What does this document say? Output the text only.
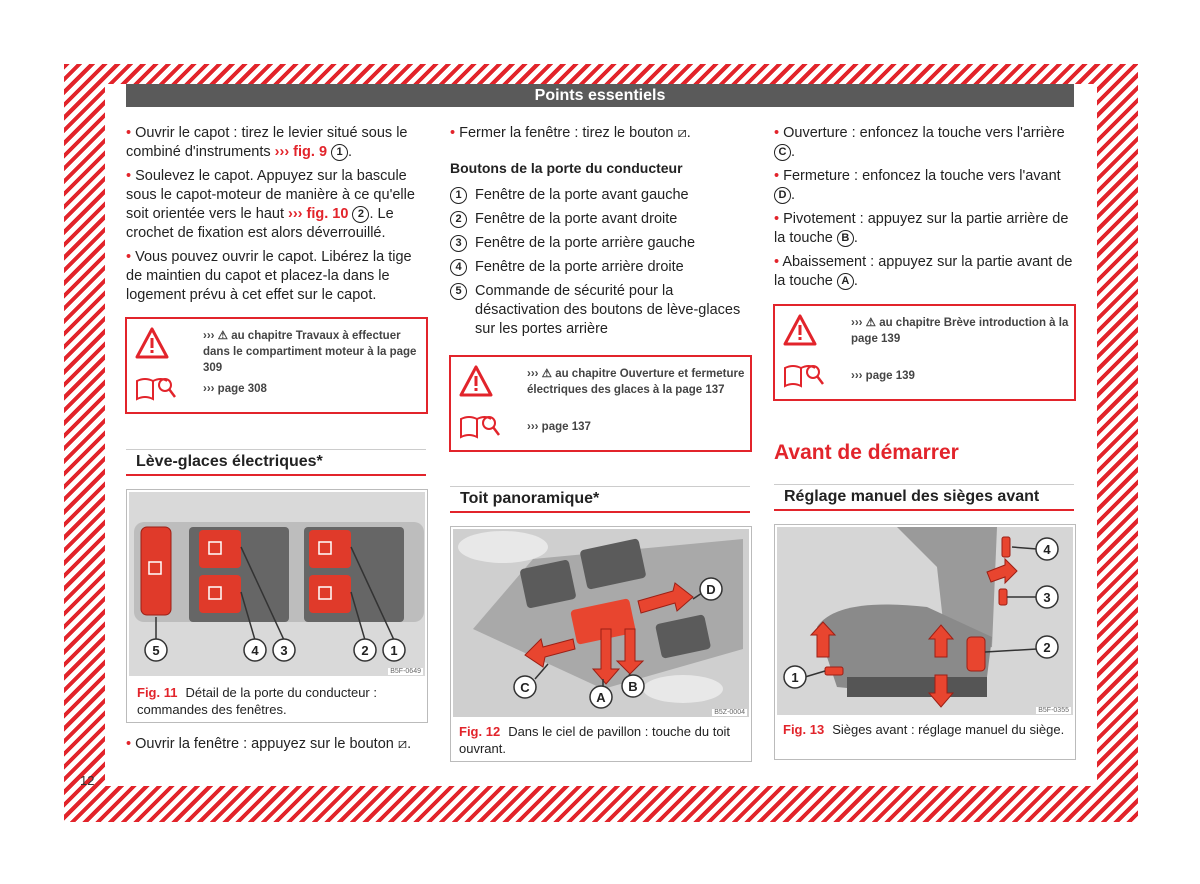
Points essentiels

• Ouvrir le capot : tirez le levier situé sous le combiné d'instruments ››› fig. 9 1 .

• Soulevez le capot. Appuyez sur la bascule sous le capot-moteur de manière à ce qu'elle soit orientée vers le haut ››› fig. 10 2 . Le crochet de fixation est alors déverrouillé.

• Vous pouvez ouvrir le capot. Libérez la tige de maintien du capot et placez-la dans le logement prévu à cet effet sur le capot.

››› ⚠ au chapitre Travaux à effectuer dans le compartiment moteur à la page 309
››› page 308
Lève-glaces électriques*
5	4 3	2 1
B5F-0649
Fig. 11 Détail de la porte du conducteur : commandes des fenêtres.

• Ouvrir la fenêtre : appuyez sur le bouton ⧄.

• Fermer la fenêtre : tirez le bouton ⧄.

Boutons de la porte du conducteur

1 Fenêtre de la porte avant gauche
2 Fenêtre de la porte avant droite
3 Fenêtre de la porte arrière gauche
4 Fenêtre de la porte arrière droite
5 Commande de sécurité pour la désactivation des boutons de lève-glaces sur les portes arrière
››› ⚠ au chapitre Ouverture et fermeture électriques des glaces à la page 137
››› page 137
Toit panoramique*
D
C
A
B
B5Z-0004
Fig. 12 Dans le ciel de pavillon : touche du toit ouvrant.

• Ouverture : enfoncez la touche vers l'arrière C .

• Fermeture : enfoncez la touche vers l'avant D .

• Pivotement : appuyez sur la partie arrière de la touche B .

• Abaissement : appuyez sur la partie avant de la touche A .

››› ⚠ au chapitre Brève introduction à la page 139
››› page 139
Avant de démarrer
Réglage manuel des sièges avant
4
3
2
1
B5F-0355
Fig. 13 Sièges avant : réglage manuel du siège.
12
